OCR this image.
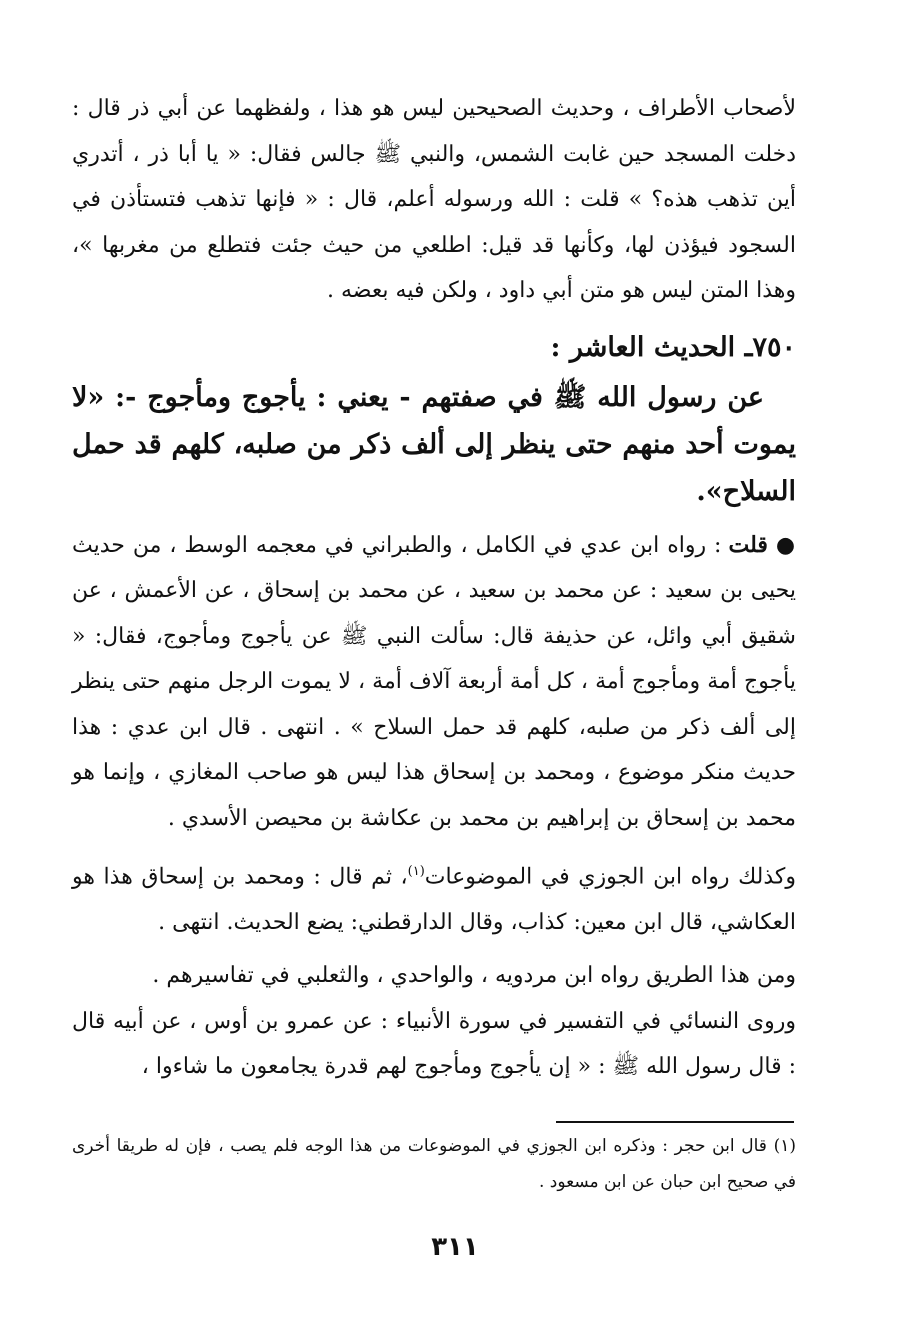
لأصحاب الأطراف ، وحديث الصحيحين ليس هو هذا ، ولفظهما عن أبي ذر قال : دخلت المسجد حين غابت الشمس، والنبي ﷺ جالس فقال: « يا أبا ذر ، أتدري أين تذهب هذه؟ » قلت : الله ورسوله أعلم، قال : « فإنها تذهب فتستأذن في السجود فيؤذن لها، وكأنها قد قيل: اطلعي من حيث جئت فتطلع من مغربها »، وهذا المتن ليس هو متن أبي داود ، ولكن فيه بعضه .

٧٥٠ـ الحديث العاشر :

عن رسول الله ﷺ في صفتهم - يعني : يأجوج ومأجوج -: «لا يموت أحد منهم حتى ينظر إلى ألف ذكر من صلبه، كلهم قد حمل السلاح».

● قلت : رواه ابن عدي في الكامل ، والطبراني في معجمه الوسط ، من حديث يحيى بن سعيد : عن محمد بن سعيد ، عن محمد بن إسحاق ، عن الأعمش ، عن شقيق أبي وائل، عن حذيفة قال: سألت النبي ﷺ عن يأجوج ومأجوج، فقال: « يأجوج أمة ومأجوج أمة ، كل أمة أربعة آلاف أمة ، لا يموت الرجل منهم حتى ينظر إلى ألف ذكر من صلبه، كلهم قد حمل السلاح » . انتهى . قال ابن عدي : هذا حديث منكر موضوع ، ومحمد بن إسحاق هذا ليس هو صاحب المغازي ، وإنما هو محمد بن إسحاق بن إبراهيم بن محمد بن عكاشة بن محيصن الأسدي .

وكذلك رواه ابن الجوزي في الموضوعات$^{(١)}$، ثم قال : ومحمد بن إسحاق هذا هو العكاشي، قال ابن معين: كذاب، وقال الدارقطني: يضع الحديث. انتهى .

ومن هذا الطريق رواه ابن مردويه ، والواحدي ، والثعلبي في تفاسيرهم .

وروى النسائي في التفسير في سورة الأنبياء : عن عمرو بن أوس ، عن أبيه قال : قال رسول الله ﷺ : « إن يأجوج ومأجوج لهم قدرة يجامعون ما شاءوا ،

(١) قال ابن حجر : وذكره ابن الجوزي في الموضوعات من هذا الوجه فلم يصب ، فإن له طريقا أخرى في صحيح ابن حبان عن ابن مسعود .
٣١١
